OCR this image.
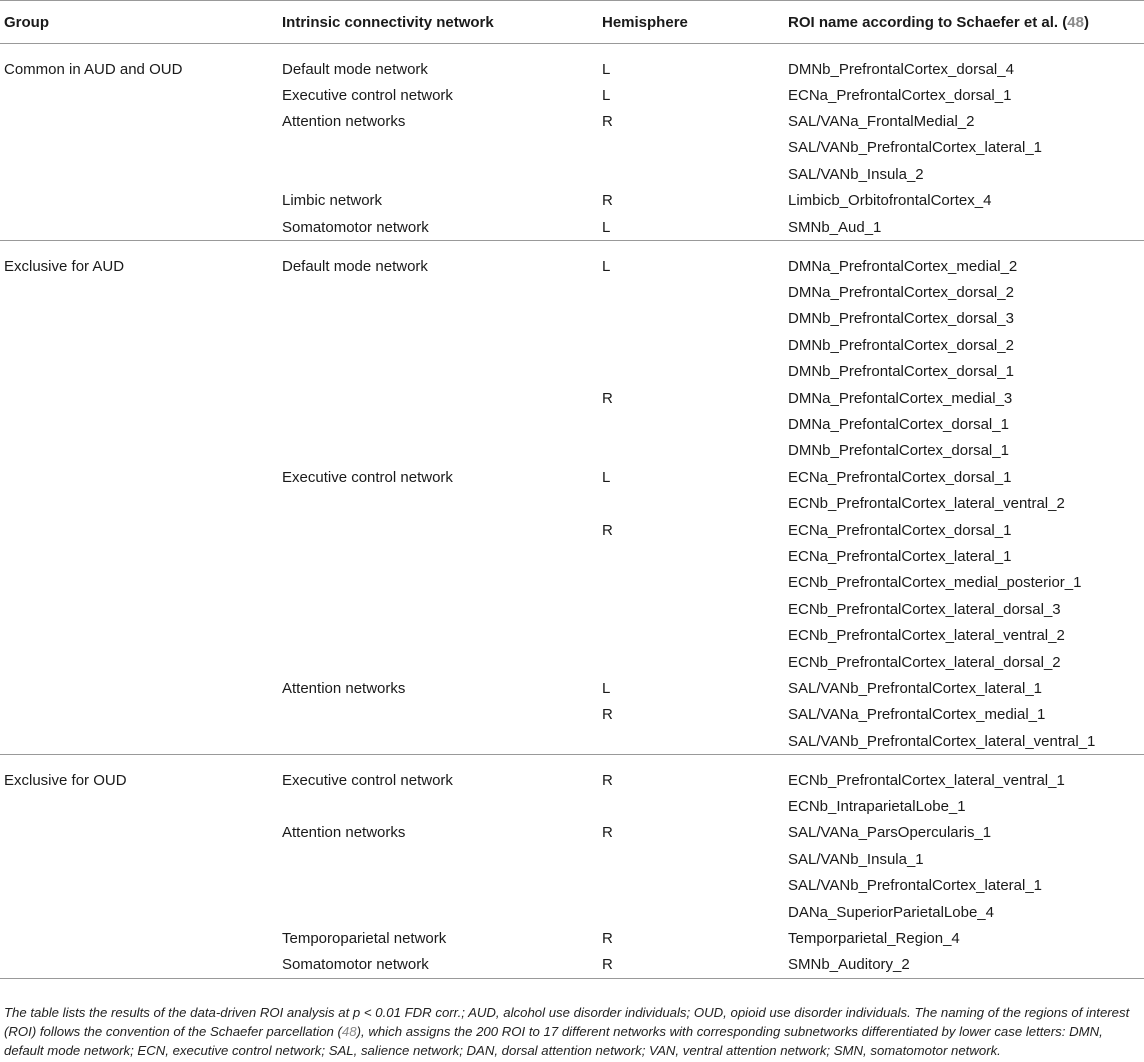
Group	Intrinsic connectivity network	Hemisphere	ROI name according to Schaefer et al. (48)
Common in AUD and OUD	Default mode network	L	DMNb_PrefrontalCortex_dorsal_4
	Executive control network	L	ECNa_PrefrontalCortex_dorsal_1
	Attention networks	R	SAL/VANa_FrontalMedial_2
			SAL/VANb_PrefrontalCortex_lateral_1
			SAL/VANb_Insula_2
	Limbic network	R	Limbicb_OrbitofrontalCortex_4
	Somatomotor network	L	SMNb_Aud_1
Exclusive for AUD	Default mode network	L	DMNa_PrefrontalCortex_medial_2
			DMNa_PrefrontalCortex_dorsal_2
			DMNb_PrefrontalCortex_dorsal_3
			DMNb_PrefrontalCortex_dorsal_2
			DMNb_PrefrontalCortex_dorsal_1
		R	DMNa_PrefontalCortex_medial_3
			DMNa_PrefontalCortex_dorsal_1
			DMNb_PrefontalCortex_dorsal_1
	Executive control network	L	ECNa_PrefrontalCortex_dorsal_1
			ECNb_PrefrontalCortex_lateral_ventral_2
		R	ECNa_PrefrontalCortex_dorsal_1
			ECNa_PrefrontalCortex_lateral_1
			ECNb_PrefrontalCortex_medial_posterior_1
			ECNb_PrefrontalCortex_lateral_dorsal_3
			ECNb_PrefrontalCortex_lateral_ventral_2
			ECNb_PrefrontalCortex_lateral_dorsal_2
	Attention networks	L	SAL/VANb_PrefrontalCortex_lateral_1
		R	SAL/VANa_PrefrontalCortex_medial_1
			SAL/VANb_PrefrontalCortex_lateral_ventral_1
Exclusive for OUD	Executive control network	R	ECNb_PrefrontalCortex_lateral_ventral_1
			ECNb_IntraparietalLobe_1
	Attention networks	R	SAL/VANa_ParsOpercularis_1
			SAL/VANb_Insula_1
			SAL/VANb_PrefrontalCortex_lateral_1
			DANa_SuperiorParietalLobe_4
	Temporoparietal network	R	Temporparietal_Region_4
	Somatomotor network	R	SMNb_Auditory_2
The table lists the results of the data-driven ROI analysis at p < 0.01 FDR corr.; AUD, alcohol use disorder individuals; OUD, opioid use disorder individuals. The naming of the regions of interest (ROI) follows the convention of the Schaefer parcellation (48), which assigns the 200 ROI to 17 different networks with corresponding subnetworks differentiated by lower case letters: DMN, default mode network; ECN, executive control network; SAL, salience network; DAN, dorsal attention network; VAN, ventral attention network; SMN, somatomotor network.
